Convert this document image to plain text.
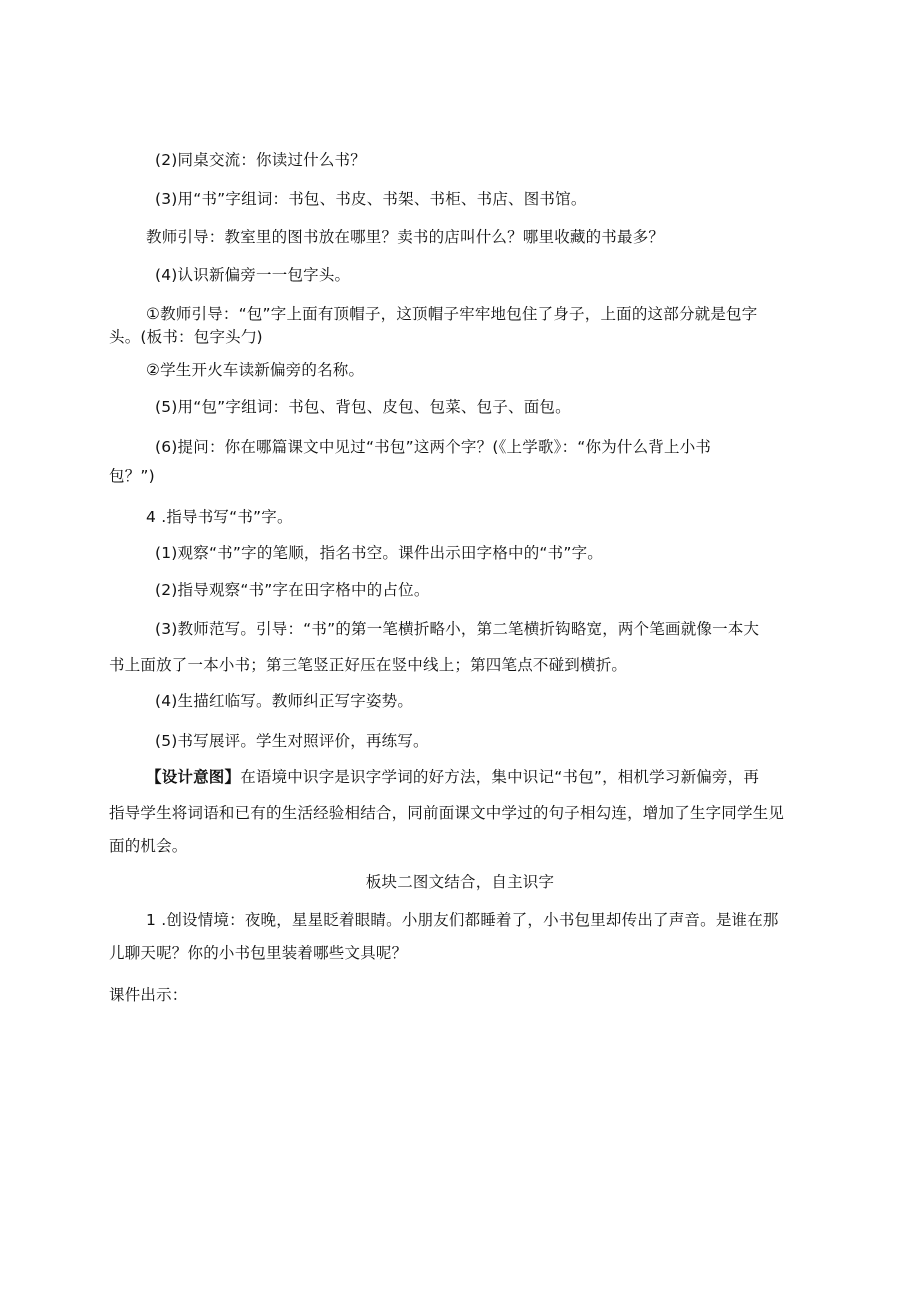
(2)同桌交流：你读过什么书？
(3)用“书”字组词：书包、书皮、书架、书柜、书店、图书馆。
教师引导：教室里的图书放在哪里？卖书的店叫什么？哪里收藏的书最多？
(4)认识新偏旁一一包字头。
①教师引导：“包”字上面有顶帽子，这顶帽子牢牢地包住了身子，上面的这部分就是包字
头。(板书：包字头勹)
②学生开火车读新偏旁的名称。
(5)用“包”字组词：书包、背包、皮包、包菜、包子、面包。
(6)提问：你在哪篇课文中见过“书包”这两个字？(《上学歌》：“你为什么背上小书
包？”)
4 .指导书写“书”字。
(1)观察“书”字的笔顺，指名书空。课件出示田字格中的“书”字。
(2)指导观察“书”字在田字格中的占位。
(3)教师范写。引导：“书”的第一笔横折略小，第二笔横折钩略宽，两个笔画就像一本大
书上面放了一本小书；第三笔竖正好压在竖中线上；第四笔点不碰到横折。
(4)生描红临写。教师纠正写字姿势。
(5)书写展评。学生对照评价，再练写。
【设计意图】在语境中识字是识字学词的好方法，集中识记“书包”，相机学习新偏旁，再
指导学生将词语和已有的生活经验相结合，同前面课文中学过的句子相勾连，增加了生字同学生见
面的机会。
板块二图文结合，自主识字
1 .创设情境：夜晚，星星眨着眼睛。小朋友们都睡着了，小书包里却传出了声音。是谁在那
儿聊天呢？你的小书包里装着哪些文具呢？
课件出示：
